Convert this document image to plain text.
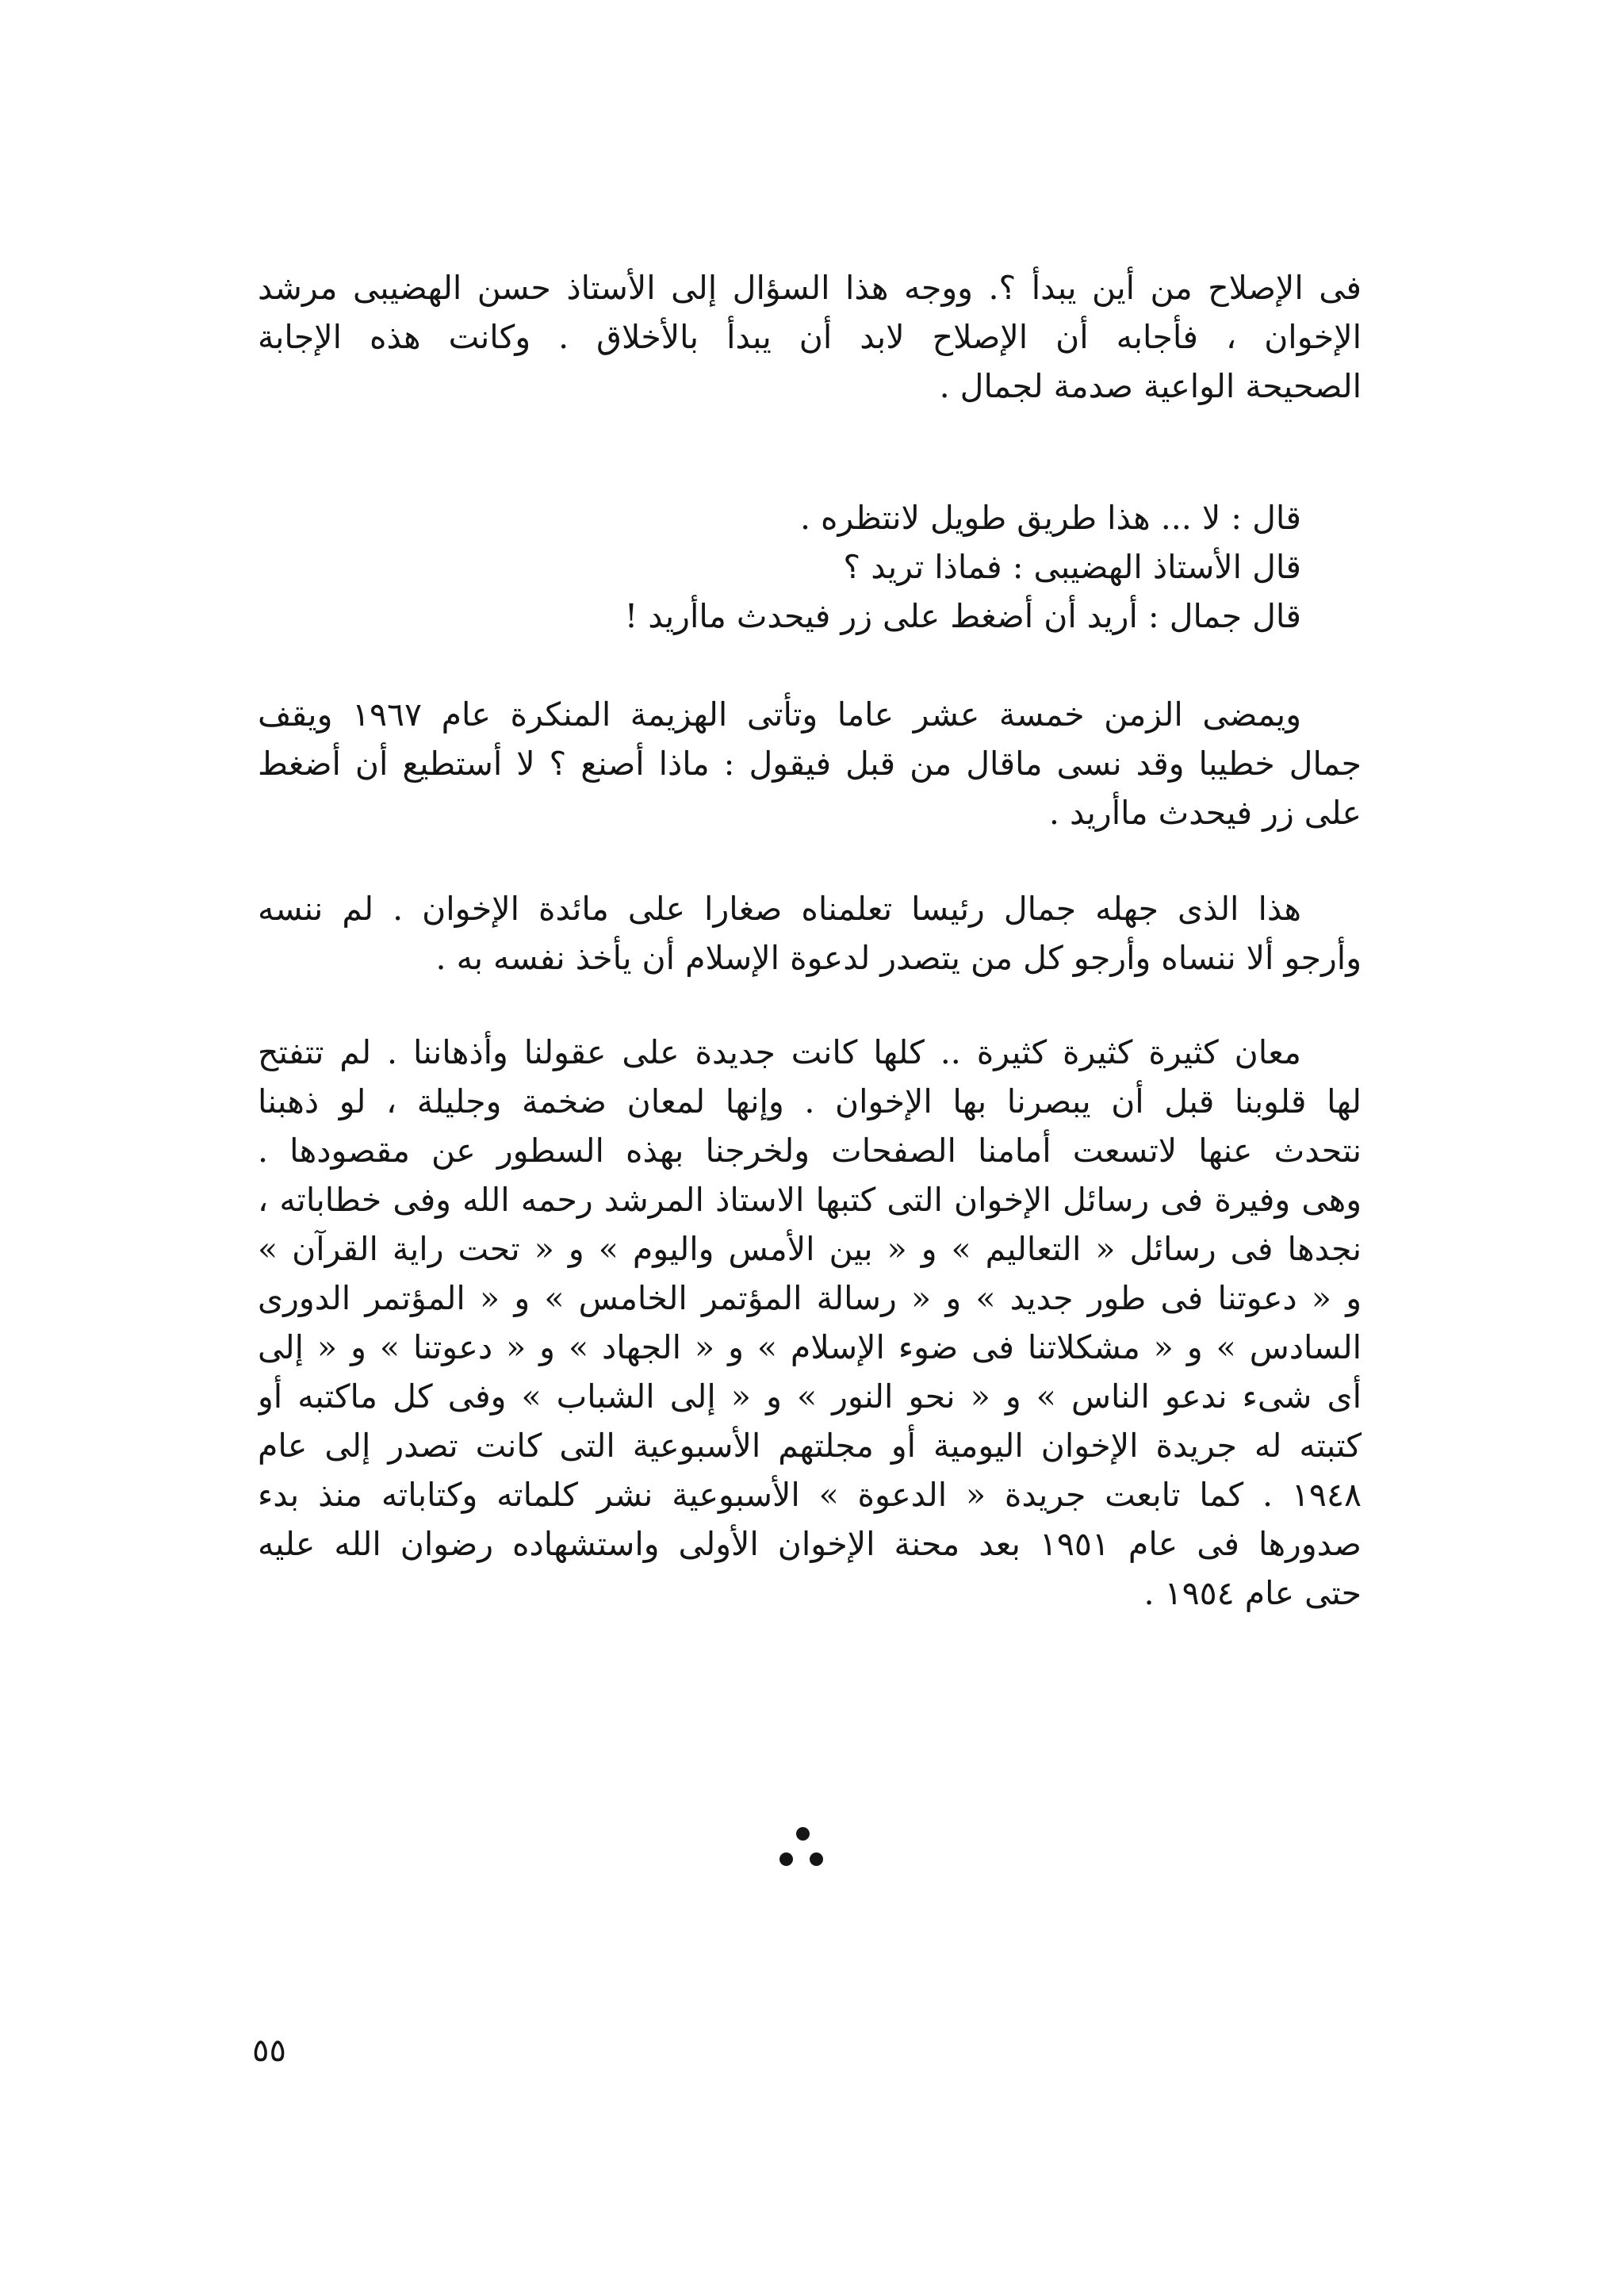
فى الإصلاح من أين يبدأ ؟. ووجه هذا السؤال إلى الأستاذ حسن الهضيبى مرشد
الإخوان ، فأجابه أن الإصلاح لابد أن يبدأ بالأخلاق . وكانت هذه الإجابة
الصحيحة الواعية صدمة لجمال .
قال : لا ... هذا طريق طويل لانتظره .
قال الأستاذ الهضيبى : فماذا تريد ؟
قال جمال : أريد أن أضغط على زر فيحدث ماأريد !
ويمضى الزمن خمسة عشر عاما وتأتى الهزيمة المنكرة عام ١٩٦٧ ويقف
جمال خطيبا وقد نسى ماقال من قبل فيقول : ماذا أصنع ؟ لا أستطيع أن أضغط
على زر فيحدث ماأريد .
هذا الذى جهله جمال رئيسا تعلمناه صغارا على مائدة الإخوان . لم ننسه
وأرجو ألا ننساه وأرجو كل من يتصدر لدعوة الإسلام أن يأخذ نفسه به .
معان كثيرة كثيرة كثيرة .. كلها كانت جديدة على عقولنا وأذهاننا . لم تتفتح
لها قلوبنا قبل أن يبصرنا بها الإخوان . وإنها لمعان ضخمة وجليلة ، لو ذهبنا
نتحدث عنها لاتسعت أمامنا الصفحات ولخرجنا بهذه السطور عن مقصودها .
وهى وفيرة فى رسائل الإخوان التى كتبها الاستاذ المرشد رحمه الله وفى خطاباته ،
نجدها فى رسائل « التعاليم » و « بين الأمس واليوم » و « تحت راية القرآن »
و « دعوتنا فى طور جديد » و « رسالة المؤتمر الخامس » و « المؤتمر الدورى
السادس » و « مشكلاتنا فى ضوء الإسلام » و « الجهاد » و « دعوتنا » و « إلى
أى شىء ندعو الناس » و « نحو النور » و « إلى الشباب » وفى كل ماكتبه أو
كتبته له جريدة الإخوان اليومية أو مجلتهم الأسبوعية التى كانت تصدر إلى عام
١٩٤٨ . كما تابعت جريدة « الدعوة » الأسبوعية نشر كلماته وكتاباته منذ بدء
صدورها فى عام ١٩٥١ بعد محنة الإخوان الأولى واستشهاده رضوان الله عليه
حتى عام ١٩٥٤ .
٥٥
